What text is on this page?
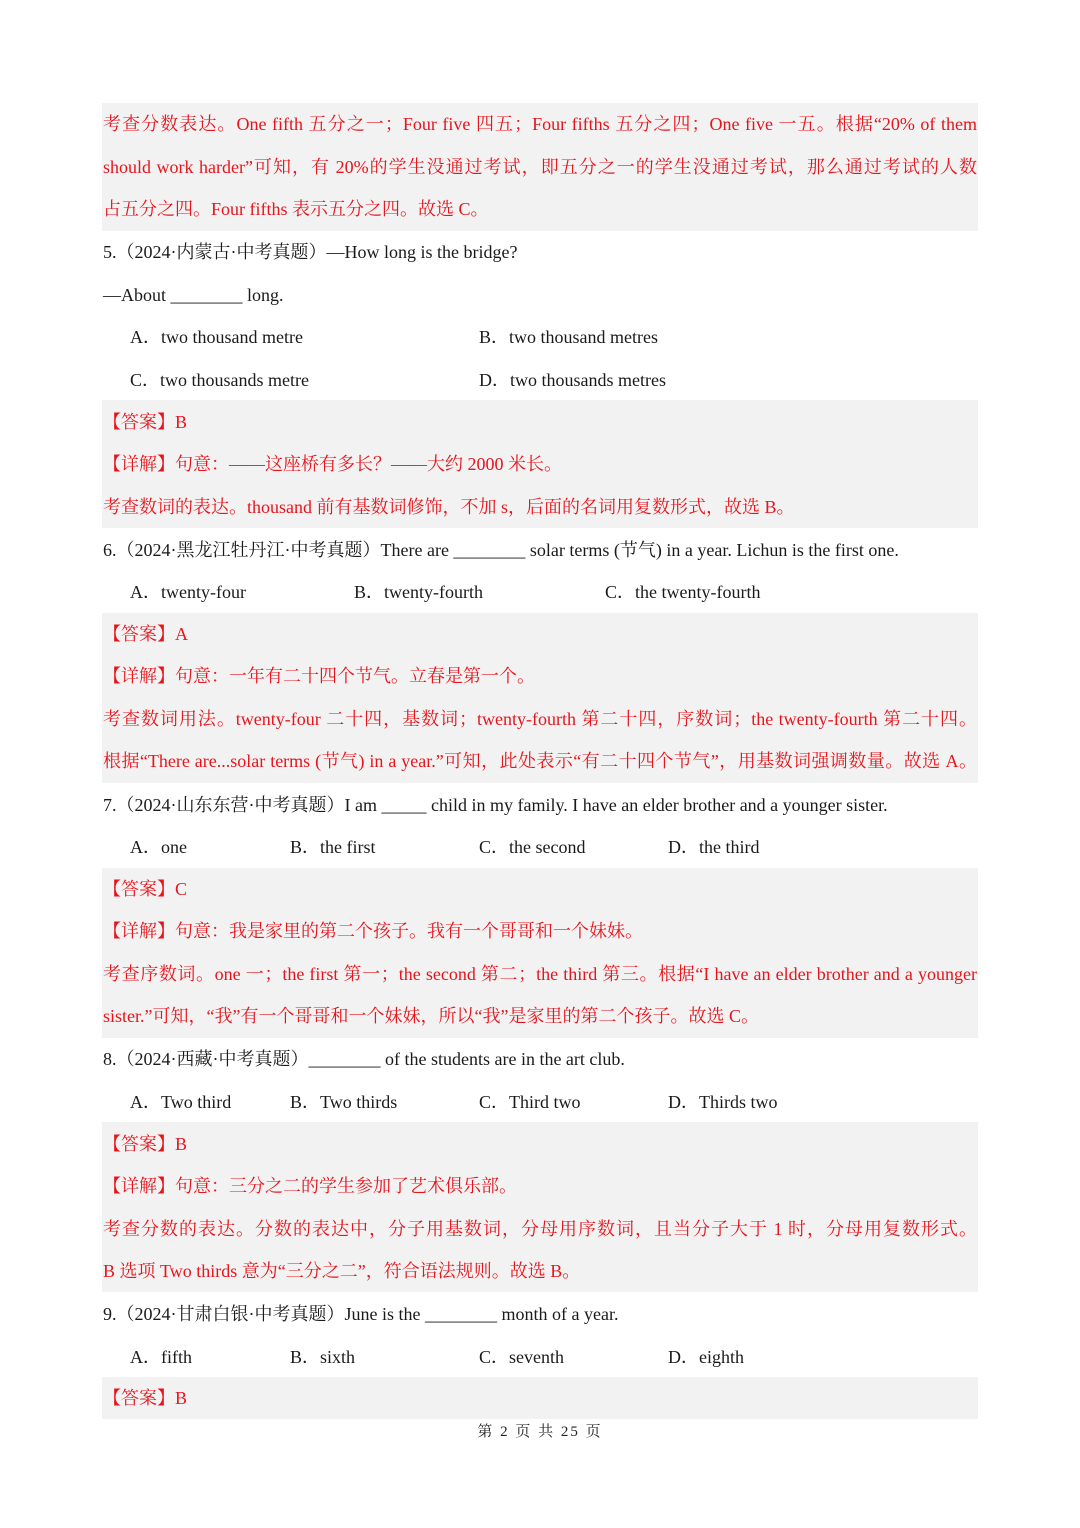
考查分数表达。One fifth 五分之一；Four five 四五；Four fifths 五分之四；One five 一五。根据“20% of them
should work harder”可知，有 20%的学生没通过考试，即五分之一的学生没通过考试，那么通过考试的人数
占五分之四。Four fifths 表示五分之四。故选 C。
5.（2024·内蒙古·中考真题）—How long is the bridge?
—About ________ long.
A．two thousand metre	B．two thousand metres
C．two thousands metre	D．two thousands metres
【答案】B
【详解】句意：——这座桥有多长？——大约 2000 米长。
考查数词的表达。thousand 前有基数词修饰，不加 s，后面的名词用复数形式，故选 B。
6.（2024·黑龙江牡丹江·中考真题）There are ________ solar terms (节气) in a year. Lichun is the first one.
A．twenty-four	B．twenty-fourth	C．the twenty-fourth
【答案】A
【详解】句意：一年有二十四个节气。立春是第一个。
考查数词用法。twenty-four 二十四，基数词；twenty-fourth 第二十四，序数词；the twenty-fourth 第二十四。
根据“There are...solar terms (节气) in a year.”可知，此处表示“有二十四个节气”，用基数词强调数量。故选 A。
7.（2024·山东东营·中考真题）I am _____ child in my family. I have an elder brother and a younger sister.
A．one	B．the first	C．the second	D．the third
【答案】C
【详解】句意：我是家里的第二个孩子。我有一个哥哥和一个妹妹。
考查序数词。one 一；the first 第一；the second 第二；the third 第三。根据“I have an elder brother and a younger
sister.”可知，“我”有一个哥哥和一个妹妹，所以“我”是家里的第二个孩子。故选 C。
8.（2024·西藏·中考真题）________ of the students are in the art club.
A．Two third	B．Two thirds	C．Third two	D．Thirds two
【答案】B
【详解】句意：三分之二的学生参加了艺术俱乐部。
考查分数的表达。分数的表达中，分子用基数词，分母用序数词，且当分子大于 1 时，分母用复数形式。
B 选项 Two thirds 意为“三分之二”，符合语法规则。故选 B。
9.（2024·甘肃白银·中考真题）June is the ________ month of a year.
A．fifth	B．sixth	C．seventh	D．eighth
【答案】B
第 2 页 共 25 页
